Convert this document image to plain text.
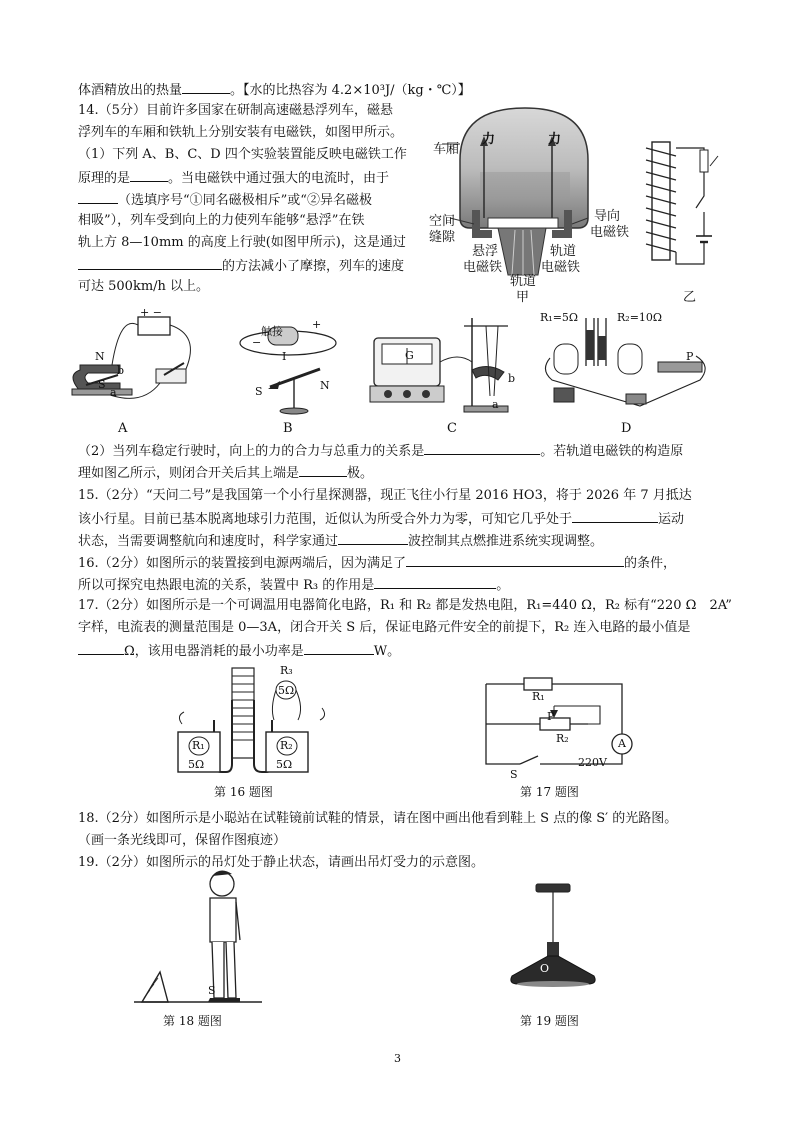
体酒精放出的热量	。【水的比热容为 4.2×10³J/（kg・℃）】
14.（5分）目前许多国家在研制高速磁悬浮列车，磁悬
浮列车的车厢和铁轨上分别安装有电磁铁，如图甲所示。
（1）下列 A、B、C、D 四个实验装置能反映电磁铁工作
原理的是	。当电磁铁中通过强大的电流时，由于
（选填序号“①同名磁极相斥”或“②异名磁极
相吸”），列车受到向上的力使列车能够“悬浮”在铁
轨上方 8—10mm 的高度上行驶(如图甲所示)，这是通过
的方法减小了摩擦，列车的速度
可达 500km/h 以上。
（2）当列车稳定行驶时，向上的力的合力与总重力的关系是	。若轨道电磁铁的构造原
理如图乙所示，则闭合开关后其上端是	极。
15.（2分）“天问二号”是我国第一个小行星探测器，现正飞往小行星 2016 HO3，将于 2026 年 7 月抵达
该小行星。目前已基本脱离地球引力范围，近似认为所受合外力为零，可知它几乎处于	运动
状态，当需要调整航向和速度时，科学家通过	波控制其点燃推进系统实现调整。
16.（2分）如图所示的装置接到电源两端后，因为满足了	的条件，
所以可探究电热跟电流的关系，装置中 R₃ 的作用是	。
17.（2分）如图所示是一个可调温用电器简化电路，R₁ 和 R₂ 都是发热电阻，R₁=440 Ω，R₂ 标有“220 Ω　2A”
字样，电流表的测量范围是 0—3A，闭合开关 S 后，保证电路元件安全的前提下，R₂ 连入电路的最小值是
Ω，该用电器消耗的最小功率是	W。
18.（2分）如图所示是小聪站在试鞋镜前试鞋的情景，请在图中画出他看到鞋上 S 点的像 S′ 的光路图。
（画一条光线即可，保留作图痕迹）
19.（2分）如图所示的吊灯处于静止状态，请画出吊灯受力的示意图。
力	力
车厢
空间
缝隙
导向
电磁铁
悬浮
电磁铁
轨道
电磁铁
轨道
甲	乙
+ −
N
S
b
a
A
触接
+
−
I
S	N
B
G
b
a
C
R₁=5Ω	R₂=10Ω
P
D
R₃
5Ω
R₁
5Ω
R₂
5Ω
第 16 题图
R₁
P
R₂	A
220V
S
第 17 题图
S
第 18 题图
O
第 19 题图
3
